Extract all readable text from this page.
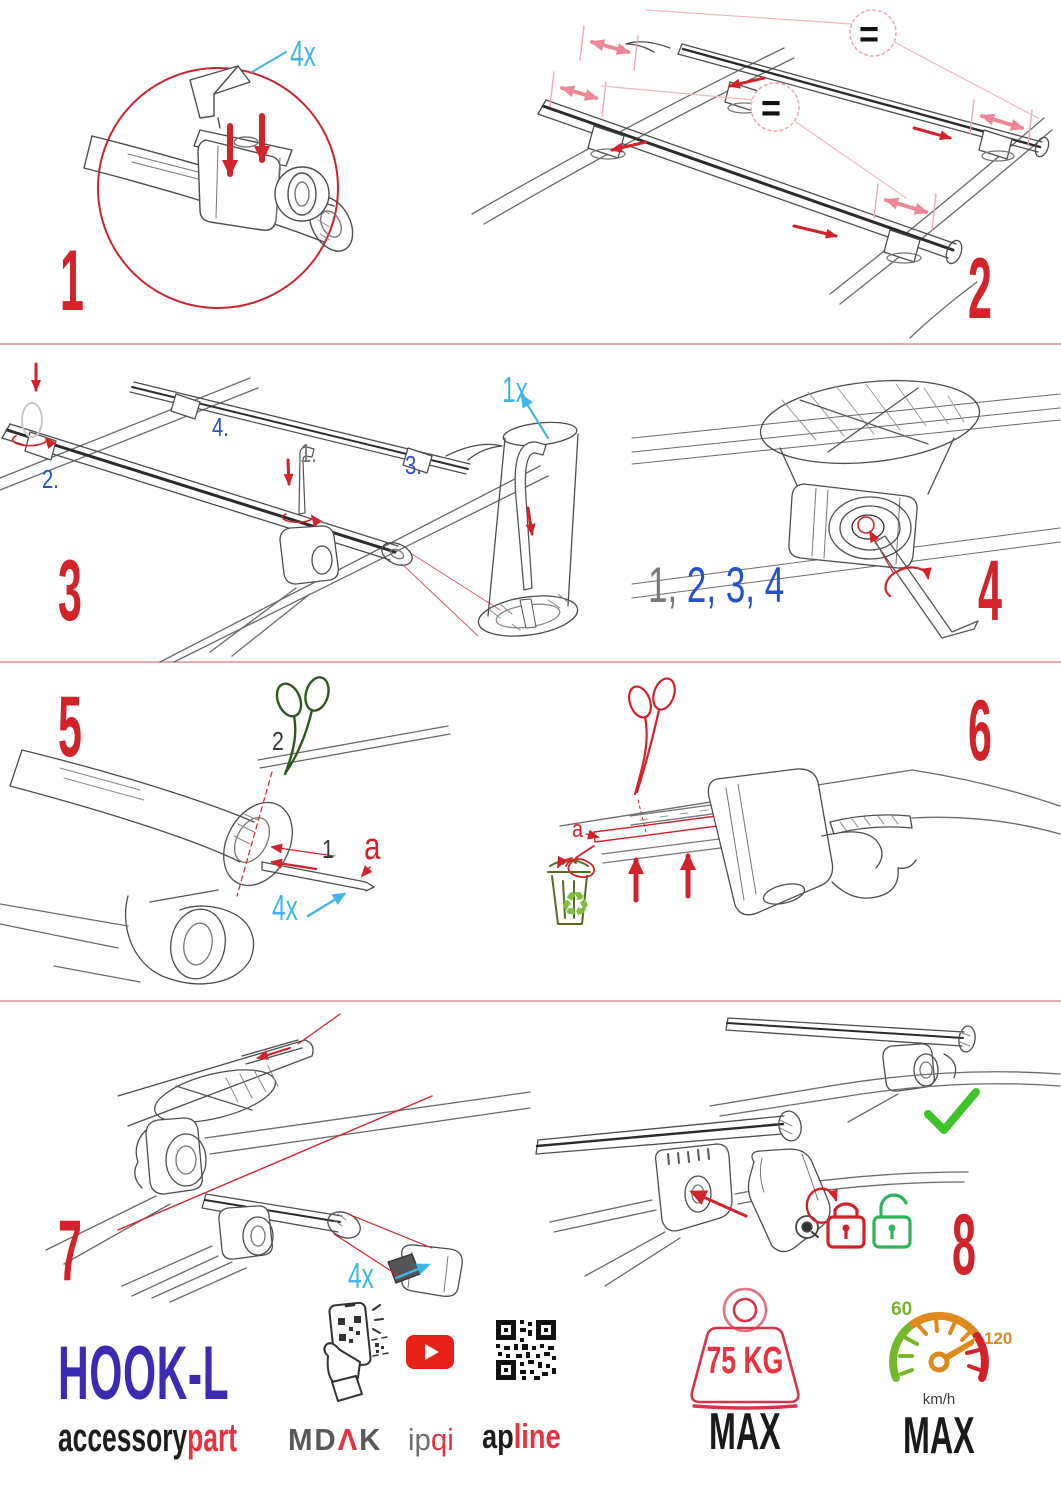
1
4x
2
=
=
3
1x
1.
2.	3.
4.
4
1, 2, 3, 4
5	2
1 a
4x
6
a
♻
7	4x	8
HOOK-L
accessorypart MDΛK ipqi apline
75 KG
MAX
60
120
km/h
MAX
